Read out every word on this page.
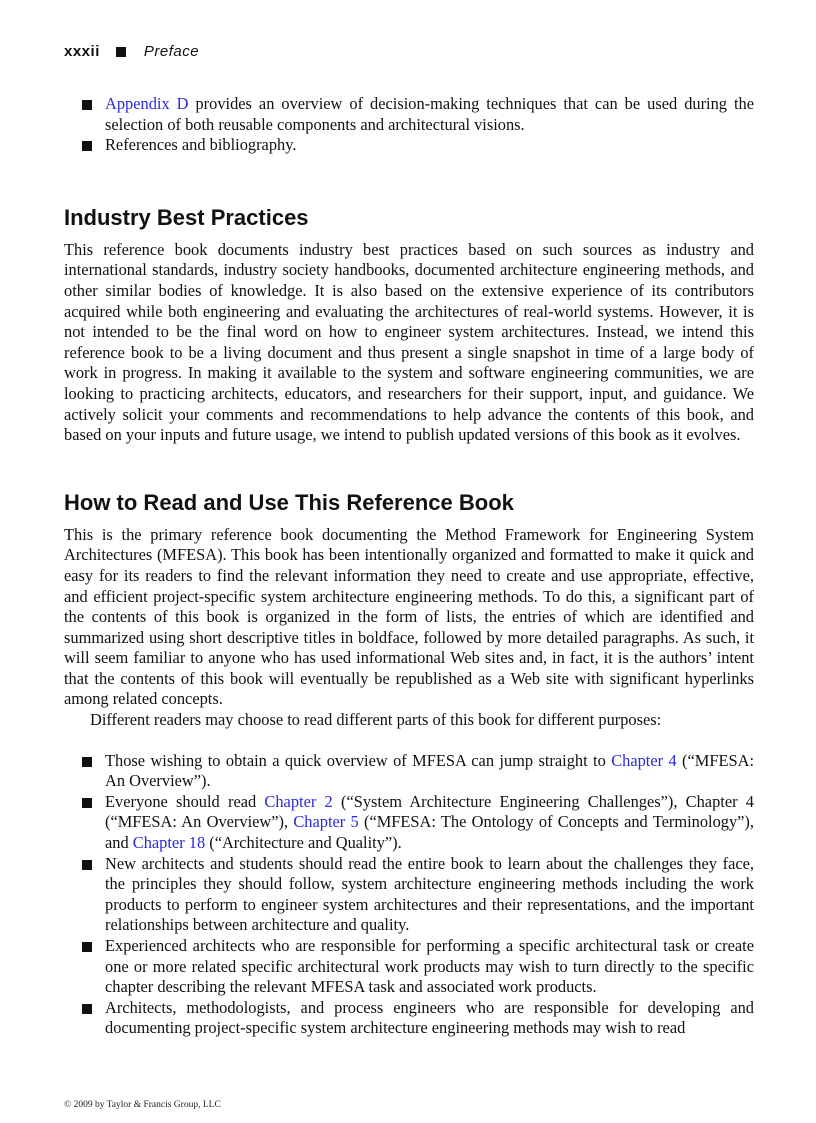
xxxii	Preface
Appendix D provides an overview of decision-making techniques that can be used during the selection of both reusable components and architectural visions.
References and bibliography.
Industry Best Practices

This reference book documents industry best practices based on such sources as industry and international standards, industry society handbooks, documented architecture engineering methods, and other similar bodies of knowledge. It is also based on the extensive experience of its contributors acquired while both engineering and evaluating the architectures of real-world systems. However, it is not intended to be the final word on how to engineer system architectures. Instead, we intend this reference book to be a living document and thus present a single snapshot in time of a large body of work in progress. In making it available to the system and software engineering communities, we are looking to practicing architects, educators, and researchers for their support, input, and guidance. We actively solicit your comments and recommendations to help advance the contents of this book, and based on your inputs and future usage, we intend to publish updated versions of this book as it evolves.

How to Read and Use This Reference Book

This is the primary reference book documenting the Method Framework for Engineering System Architectures (MFESA). This book has been intentionally organized and formatted to make it quick and easy for its readers to find the relevant information they need to create and use appropriate, effective, and efficient project-specific system architecture engineering methods. To do this, a significant part of the contents of this book is organized in the form of lists, the entries of which are identified and summarized using short descriptive titles in boldface, followed by more detailed paragraphs. As such, it will seem familiar to anyone who has used informational Web sites and, in fact, it is the authors’ intent that the contents of this book will eventually be republished as a Web site with significant hyperlinks among related concepts.

Different readers may choose to read different parts of this book for different purposes:

Those wishing to obtain a quick overview of MFESA can jump straight to Chapter 4 (“MFESA: An Overview”).
Everyone should read Chapter 2 (“System Architecture Engineering Challenges”), Chapter 4 (“MFESA: An Overview”), Chapter 5 (“MFESA: The Ontology of Concepts and Terminology”), and Chapter 18 (“Architecture and Quality”).
New architects and students should read the entire book to learn about the challenges they face, the principles they should follow, system architecture engineering methods including the work products to perform to engineer system architectures and their representations, and the important relationships between architecture and quality.
Experienced architects who are responsible for performing a specific architectural task or create one or more related specific architectural work products may wish to turn directly to the specific chapter describing the relevant MFESA task and associated work products.
Architects, methodologists, and process engineers who are responsible for developing and documenting project-specific system architecture engineering methods may wish to read
© 2009 by Taylor & Francis Group, LLC
